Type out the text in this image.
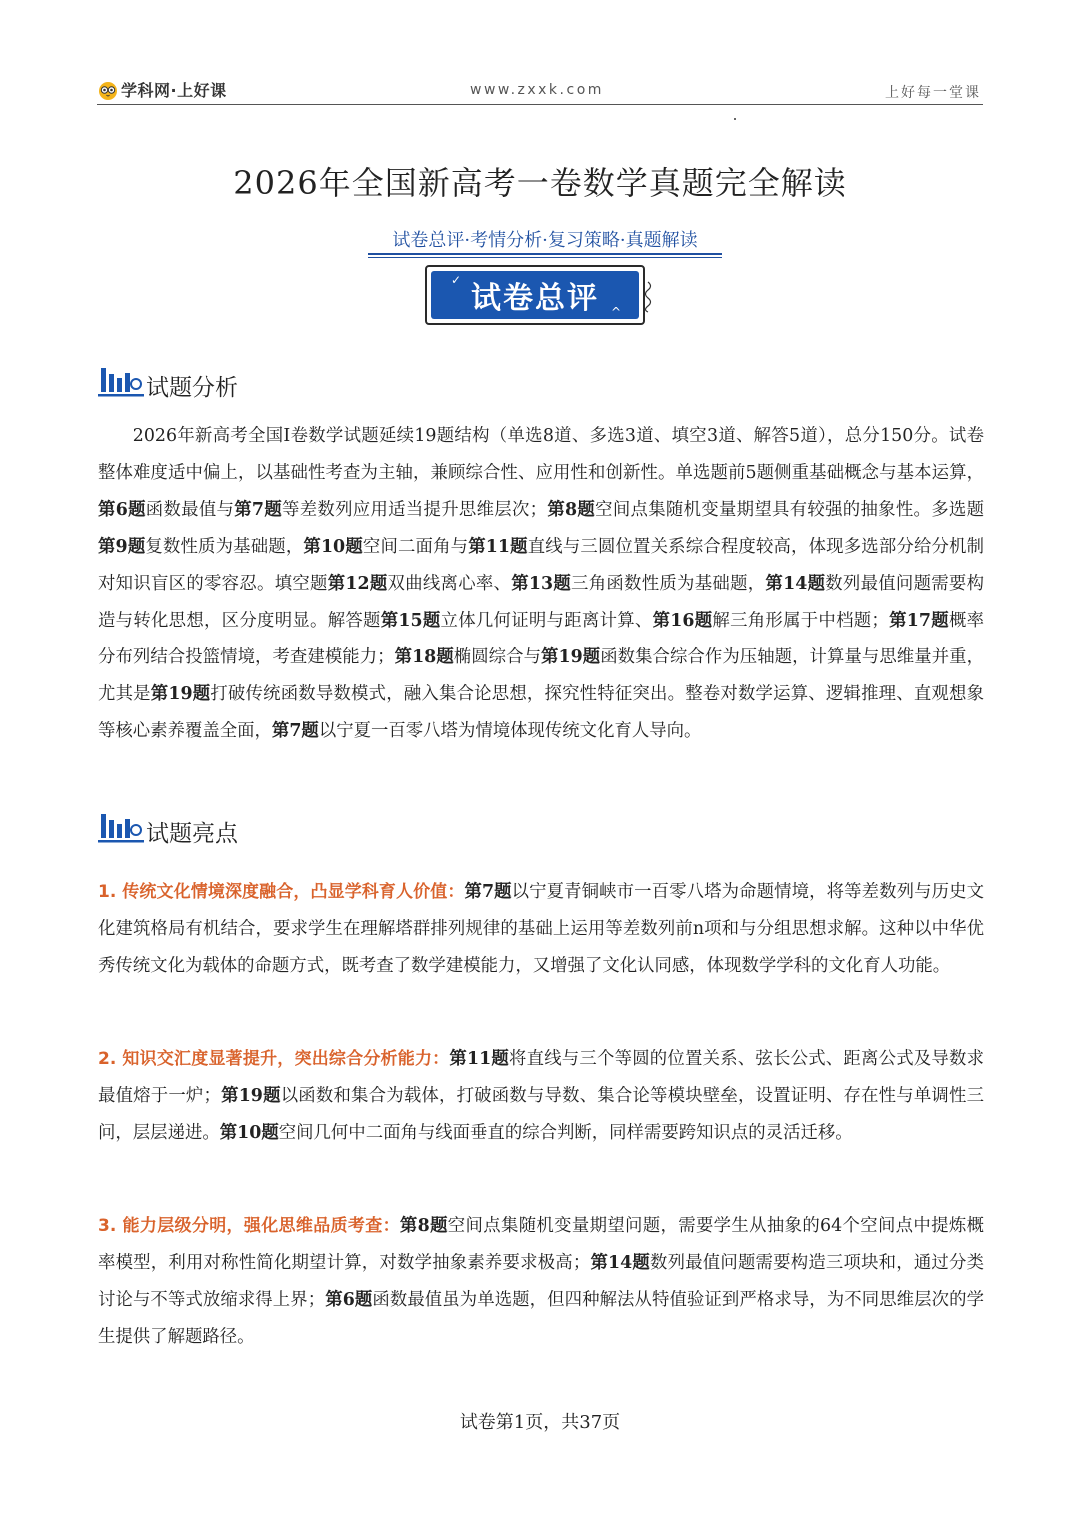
学科网·上好课	www.zxxk.com	上好每一堂课
2026年全国新高考一卷数学真题完全解读
试卷总评·考情分析·复习策略·真题解读
试卷总评
✓
^
试题分析

2026年新高考全国I卷数学试题延续19题结构（单选8道、多选3道、填空3道、解答5道），总分150分。试卷整体难度适中偏上，以基础性考查为主轴，兼顾综合性、应用性和创新性。单选题前5题侧重基础概念与基本运算，第6题函数最值与第7题等差数列应用适当提升思维层次；第8题空间点集随机变量期望具有较强的抽象性。多选题第9题复数性质为基础题，第10题空间二面角与第11题直线与三圆位置关系综合程度较高，体现多选部分给分机制对知识盲区的零容忍。填空题第12题双曲线离心率、第13题三角函数性质为基础题，第14题数列最值问题需要构造与转化思想，区分度明显。解答题第15题立体几何证明与距离计算、第16题解三角形属于中档题；第17题概率分布列结合投篮情境，考查建模能力；第18题椭圆综合与第19题函数集合综合作为压轴题，计算量与思维量并重，尤其是第19题打破传统函数导数模式，融入集合论思想，探究性特征突出。整卷对数学运算、逻辑推理、直观想象等核心素养覆盖全面，第7题以宁夏一百零八塔为情境体现传统文化育人导向。

试题亮点

1. 传统文化情境深度融合，凸显学科育人价值：第7题以宁夏青铜峡市一百零八塔为命题情境，将等差数列与历史文化建筑格局有机结合，要求学生在理解塔群排列规律的基础上运用等差数列前n项和与分组思想求解。这种以中华优秀传统文化为载体的命题方式，既考查了数学建模能力，又增强了文化认同感，体现数学学科的文化育人功能。

2. 知识交汇度显著提升，突出综合分析能力：第11题将直线与三个等圆的位置关系、弦长公式、距离公式及导数求最值熔于一炉；第19题以函数和集合为载体，打破函数与导数、集合论等模块壁垒，设置证明、存在性与单调性三问，层层递进。第10题空间几何中二面角与线面垂直的综合判断，同样需要跨知识点的灵活迁移。

3. 能力层级分明，强化思维品质考查：第8题空间点集随机变量期望问题，需要学生从抽象的64个空间点中提炼概率模型，利用对称性简化期望计算，对数学抽象素养要求极高；第14题数列最值问题需要构造三项块和，通过分类讨论与不等式放缩求得上界；第6题函数最值虽为单选题，但四种解法从特值验证到严格求导，为不同思维层次的学生提供了解题路径。

试卷第1页，共37页
